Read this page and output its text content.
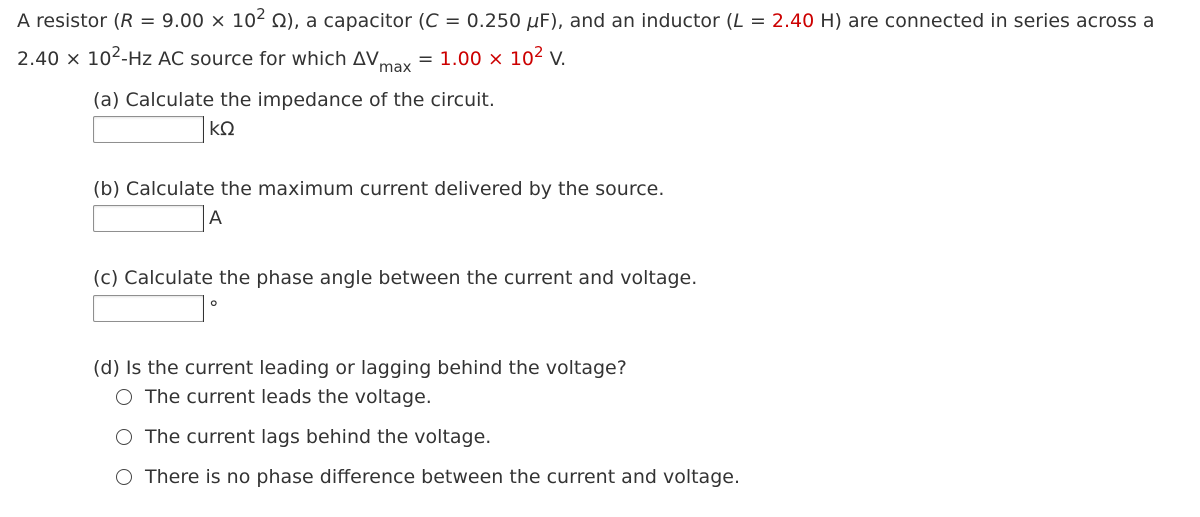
A resistor ($R = 9.00 \times 10^2$ Ω), a capacitor (C = 0.250 μF), and an inductor (L = 2.40 H) are connected in series across a
$2.40 \times 10^2-Hz$ AC source for which $\Delta V_{max} = 1.00 \times 10^2$ V.
(a) Calculate the impedance of the circuit.
kΩ
(b) Calculate the maximum current delivered by the source.
A
(c) Calculate the phase angle between the current and voltage.
°
(d) Is the current leading or lagging behind the voltage?
The current leads the voltage.
The current lags behind the voltage.
There is no phase difference between the current and voltage.
